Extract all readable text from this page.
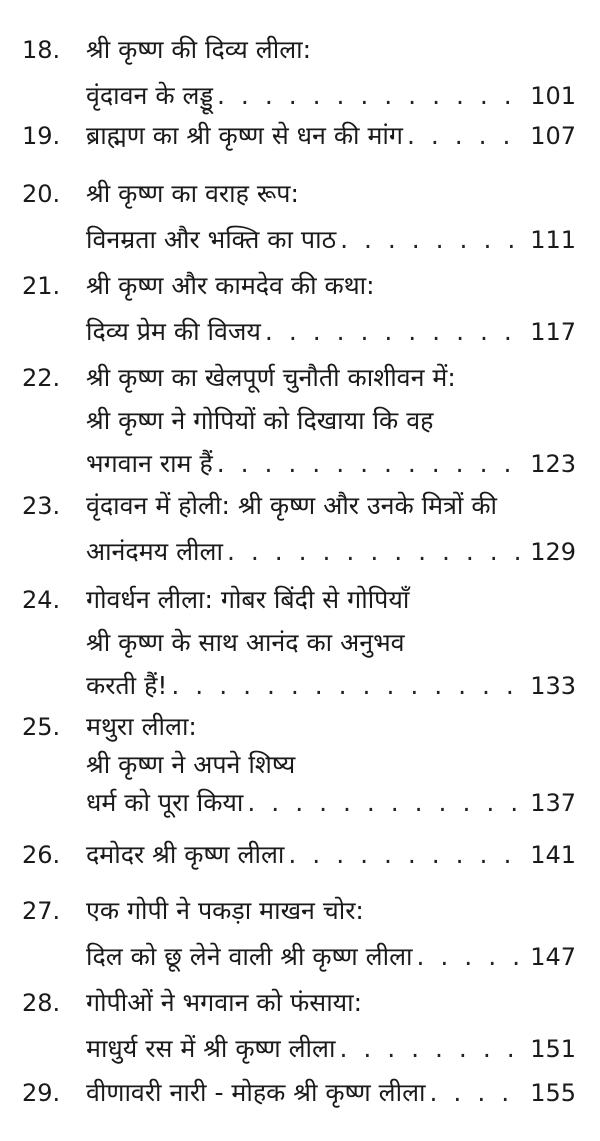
18. श्री कृष्ण की दिव्य लीला:
वृंदावन के लड्डू . . .	101
19. ब्राह्मण का श्री कृष्ण से धन की मांग . . .	107
20. श्री कृष्ण का वराह रूप:
विनम्रता और भक्ति का पाठ . . .	111
21. श्री कृष्ण और कामदेव की कथा:
दिव्य प्रेम की विजय . . .	117
22. श्री कृष्ण का खेलपूर्ण चुनौती काशीवन में:
श्री कृष्ण ने गोपियों को दिखाया कि वह
भगवान राम हैं . . .	123
23. वृंदावन में होली: श्री कृष्ण और उनके मित्रों की
आनंदमय लीला . . .	129
24. गोवर्धन लीला: गोबर बिंदी से गोपियाँ
श्री कृष्ण के साथ आनंद का अनुभव
करती हैं! . . .	133
25. मथुरा लीला:
श्री कृष्ण ने अपने शिष्य
धर्म को पूरा किया . . .	137
26. दमोदर श्री कृष्ण लीला . . .	141
27. एक गोपी ने पकड़ा माखन चोर:
दिल को छू लेने वाली श्री कृष्ण लीला . . .	147
28. गोपीओं ने भगवान को फंसाया:
माधुर्य रस में श्री कृष्ण लीला . . .	151
29. वीणावरी नारी - मोहक श्री कृष्ण लीला . . .	155
